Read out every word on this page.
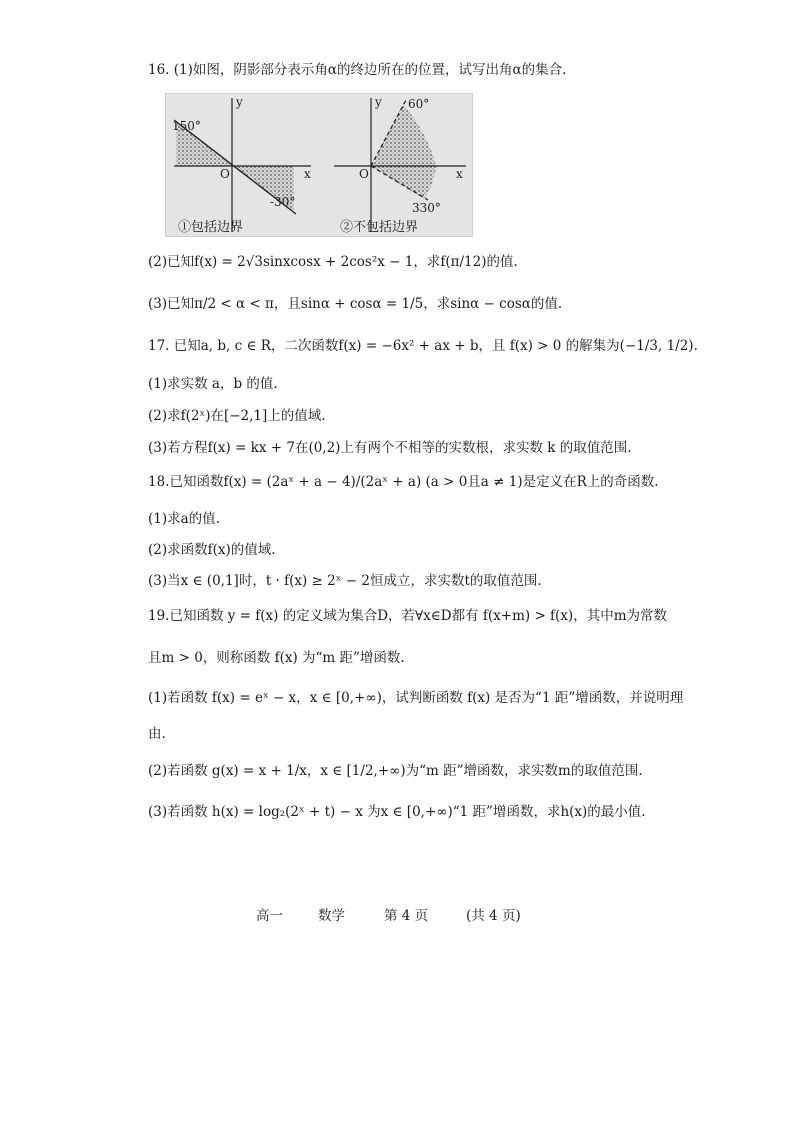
16. (1)如图，阴影部分表示角α的终边所在的位置，试写出角α的集合.
y
x
O
150°
-30°
y
x
O
60°
330°
①包括边界	②不包括边界
(2)已知f(x) = 2√3sinxcosx + 2cos²x − 1，求f(π/12)的值.
(3)已知π/2 < α < π，且sinα + cosα = 1/5，求sinα − cosα的值.
17. 已知a, b, c ∈ R，二次函数f(x) = −6x² + ax + b，且 f(x) > 0 的解集为(−1/3, 1/2).
(1)求实数 a，b 的值.
(2)求f(2ˣ)在[−2,1]上的值域.
(3)若方程f(x) = kx + 7在(0,2)上有两个不相等的实数根，求实数 k 的取值范围.
18.已知函数f(x) = (2aˣ + a − 4)/(2aˣ + a) (a > 0且a ≠ 1)是定义在R上的奇函数.
(1)求a的值.
(2)求函数f(x)的值域.
(3)当x ∈ (0,1]时，t · f(x) ≥ 2ˣ − 2恒成立，求实数t的取值范围.
19.已知函数 y = f(x) 的定义域为集合D，若∀x∈D都有 f(x+m) > f(x)，其中m为常数
且m > 0，则称函数 f(x) 为“m 距”增函数.
(1)若函数 f(x) = eˣ − x，x ∈ [0,+∞)，试判断函数 f(x) 是否为“1 距”增函数，并说明理
由.
(2)若函数 g(x) = x + 1/x，x ∈ [1/2,+∞)为“m 距”增函数，求实数m的取值范围.
(3)若函数 h(x) = log₂(2ˣ + t) − x 为x ∈ [0,+∞)“1 距”增函数，求h(x)的最小值.
高一	数学	第 4 页	(共 4 页)
